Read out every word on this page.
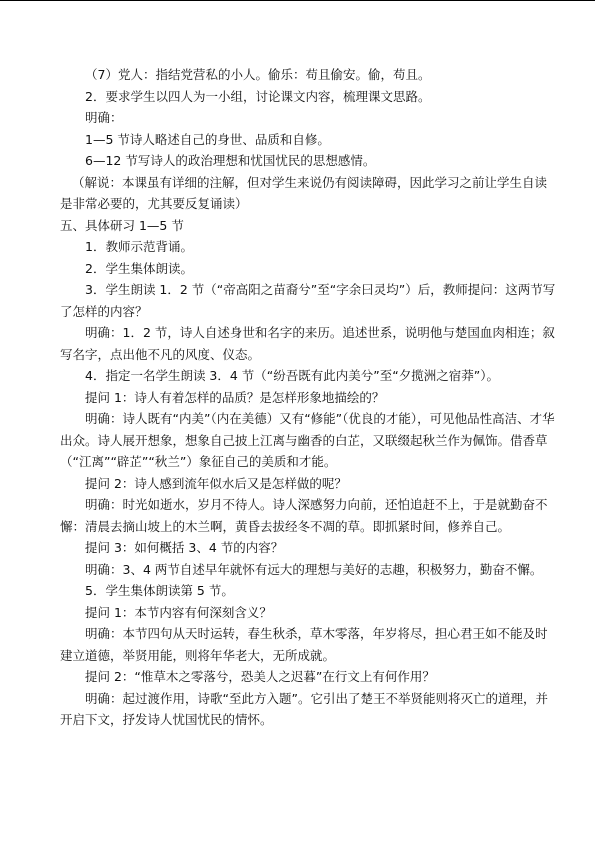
（7）党人：指结党营私的小人。偷乐：苟且偷安。偷，苟且。

2．要求学生以四人为一小组，讨论课文内容，梳理课文思路。

明确：

1—5 节诗人略述自己的身世、品质和自修。

6—12 节写诗人的政治理想和忧国忧民的思想感情。

（解说：本课虽有详细的注解，但对学生来说仍有阅读障碍，因此学习之前让学生自读是非常必要的，尤其要反复诵读）

五、具体研习 1—5 节

1．教师示范背诵。

2．学生集体朗读。

3．学生朗读 1．2 节（“帝高阳之苗裔兮”至“字余曰灵均”）后，教师提问：这两节写了怎样的内容？

明确：1．2 节，诗人自述身世和名字的来历。追述世系，说明他与楚国血肉相连；叙写名字，点出他不凡的风度、仪态。

4．指定一名学生朗读 3．4 节（“纷吾既有此内美兮”至“夕揽洲之宿莽”）。

提问 1：诗人有着怎样的品质？是怎样形象地描绘的？

明确：诗人既有“内美”（内在美德）又有“修能”（优良的才能），可见他品性高洁、才华出众。诗人展开想象，想象自己披上江离与幽香的白芷，又联缀起秋兰作为佩饰。借香草（“江离”“辟芷”“秋兰”）象征自己的美质和才能。

提问 2：诗人感到流年似水后又是怎样做的呢？

明确：时光如逝水，岁月不待人。诗人深感努力向前，还怕追赶不上，于是就勤奋不懈：清晨去摘山坡上的木兰啊，黄昏去拔经冬不凋的草。即抓紧时间，修养自己。

提问 3：如何概括 3、4 节的内容？

明确：3、4 两节自述早年就怀有远大的理想与美好的志趣，积极努力，勤奋不懈。

5．学生集体朗读第 5 节。

提问 1：本节内容有何深刻含义？

明确：本节四句从天时运转，春生秋杀，草木零落，年岁将尽，担心君王如不能及时建立道德，举贤用能，则将年华老大，无所成就。

提问 2：“惟草木之零落兮，恐美人之迟暮”在行文上有何作用？

明确：起过渡作用，诗歌“至此方入题”。它引出了楚王不举贤能则将灭亡的道理，并开启下文，抒发诗人忧国忧民的情怀。
